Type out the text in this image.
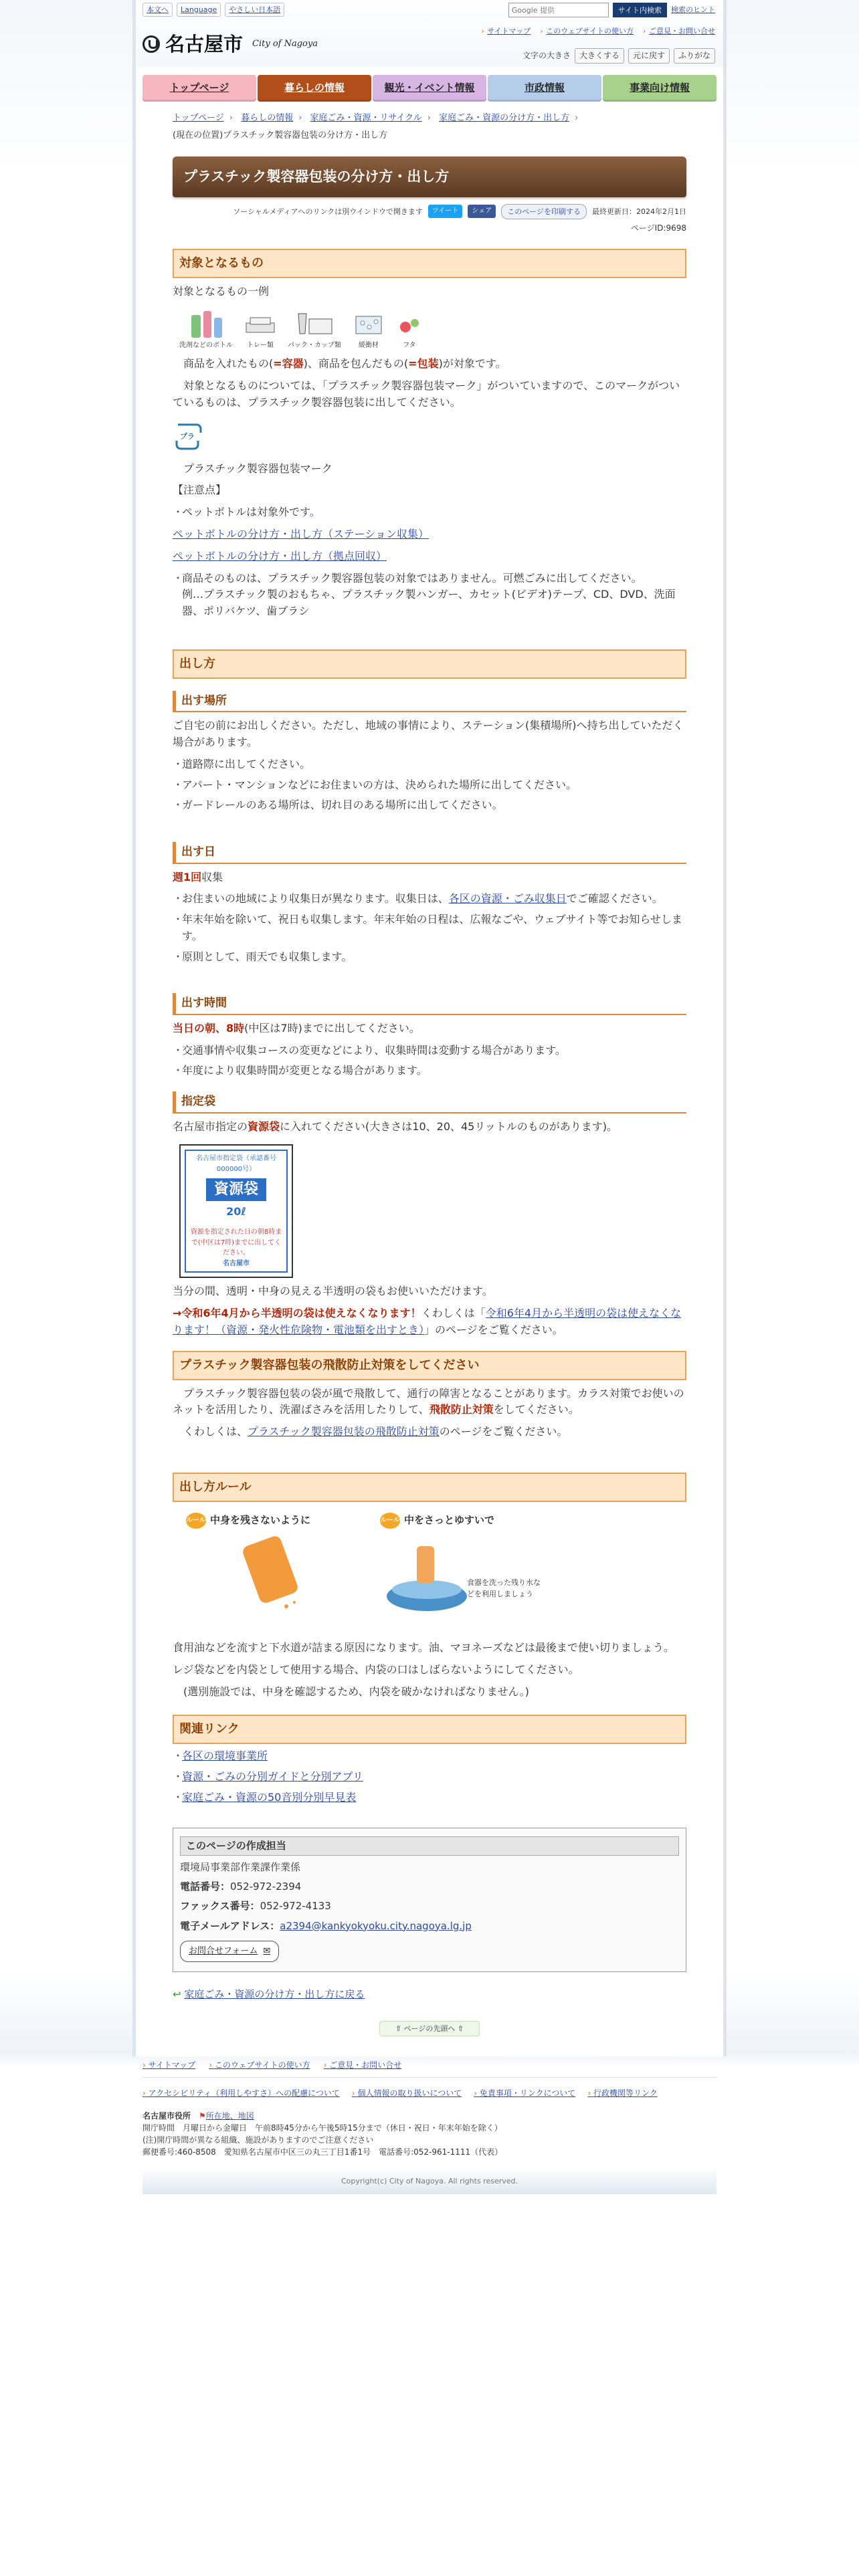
本文へ	Language	やさしい日本語
Google 提供	サイト内検索	検索のヒント
名古屋市 City of Nagoya
› サイトマップ	› このウェブサイトの使い方	› ご意見・お問い合せ
文字の大きさ	大きくする	元に戻す	ふりがな
トップページ	暮らしの情報	観光・イベント情報	市政情報	事業向け情報
トップページ › 暮らしの情報 › 家庭ごみ・資源・リサイクル › 家庭ごみ・資源の分け方・出し方 ›
(現在の位置)プラスチック製容器包装の分け方・出し方
プラスチック製容器包装の分け方・出し方
ソーシャルメディアへのリンクは別ウインドウで開きます	ツイート	シェア	このページを印刷する	最終更新日：2024年2月1日
ページID:9698
対象となるもの

対象となるもの一例

洗剤などのボトル トレー類 パック・カップ類	緩衝材	フタ

商品を入れたもの(=容器)、商品を包んだもの(=包装)が対象です。

対象となるものについては、「プラスチック製容器包装マーク」がついていますので、このマークがついているものは、プラスチック製容器包装に出してください。

プラ

プラスチック製容器包装マーク

【注意点】

・ ペットボトルは対象外です。

ペットボトルの分け方・出し方（ステーション収集）

ペットボトルの分け方・出し方（拠点回収）

・ 商品そのものは、プラスチック製容器包装の対象ではありません。可燃ごみに出してください。
例…プラスチック製のおもちゃ、プラスチック製ハンガー、カセット(ビデオ)テープ、CD、DVD、洗面器、ポリバケツ、歯ブラシ
出し方
出す場所

ご自宅の前にお出しください。ただし、地域の事情により、ステーション(集積場所)へ持ち出していただく場合があります。

・ 道路際に出してください。
・ アパート・マンションなどにお住まいの方は、決められた場所に出してください。
・ ガードレールのある場所は、切れ目のある場所に出してください。
出す日

週1回収集

・ お住まいの地域により収集日が異なります。収集日は、各区の資源・ごみ収集日でご確認ください。
・ 年末年始を除いて、祝日も収集します。年末年始の日程は、広報なごや、ウェブサイト等でお知らせします。
・ 原則として、雨天でも収集します。
出す時間

当日の朝、8時(中区は7時)までに出してください。

・ 交通事情や収集コースの変更などにより、収集時間は変動する場合があります。
・ 年度により収集時間が変更となる場合があります。
指定袋

名古屋市指定の資源袋に入れてください(大きさは10、20、45リットルのものがあります)。

名古屋市指定袋（承認番号000000号）
資源袋
20ℓ
資源を指定された日の朝8時まで(中区は7時)までに出してください。
名古屋市

当分の間、透明・中身の見える半透明の袋もお使いいただけます。

→令和6年4月から半透明の袋は使えなくなります！くわしくは「令和6年4月から半透明の袋は使えなくなります！（資源・発火性危険物・電池類を出すとき）」のページをご覧ください。

プラスチック製容器包装の飛散防止対策をしてください

プラスチック製容器包装の袋が風で飛散して、通行の障害となることがあります。カラス対策でお使いのネットを活用したり、洗濯ばさみを活用したりして、飛散防止対策をしてください。

くわしくは、プラスチック製容器包装の飛散防止対策のページをご覧ください。

出し方ルール
ルール 中身を残さないように	ルール 中をさっとゆすいで
食器を洗った残り水などを利用しましょう

食用油などを流すと下水道が詰まる原因になります。油、マヨネーズなどは最後まで使い切りましょう。

レジ袋などを内袋として使用する場合、内袋の口はしばらないようにしてください。

(選別施設では、中身を確認するため、内袋を破かなければなりません。)

関連リンク
・ 各区の環境事業所
・ 資源・ごみの分別ガイドと分別アプリ
・ 家庭ごみ・資源の50音別分別早見表
このページの作成担当

環境局事業部作業課作業係

電話番号：052-972-2394

ファックス番号：052-972-4133

電子メールアドレス：a2394@kankyokyoku.city.nagoya.lg.jp

お問合せフォーム ✉

↩ 家庭ごみ・資源の分け方・出し方に戻る

⇧ ページの先頭へ ⇧
› サイトマップ	› このウェブサイトの使い方	› ご意見・お問い合せ
› アクセシビリティ（利用しやすさ）への配慮について	› 個人情報の取り扱いについて	› 免責事項・リンクについて	› 行政機関等リンク
名古屋市役所　 ⚑所在地、地図
開庁時間　月曜日から金曜日　午前8時45分から午後5時15分まで（休日・祝日・年末年始を除く）
(注)開庁時間が異なる組織、施設がありますのでご注意ください
郵便番号:460-8508　愛知県名古屋市中区三の丸三丁目1番1号　電話番号:052-961-1111（代表）
Copyright(c) City of Nagoya. All rights reserved.
